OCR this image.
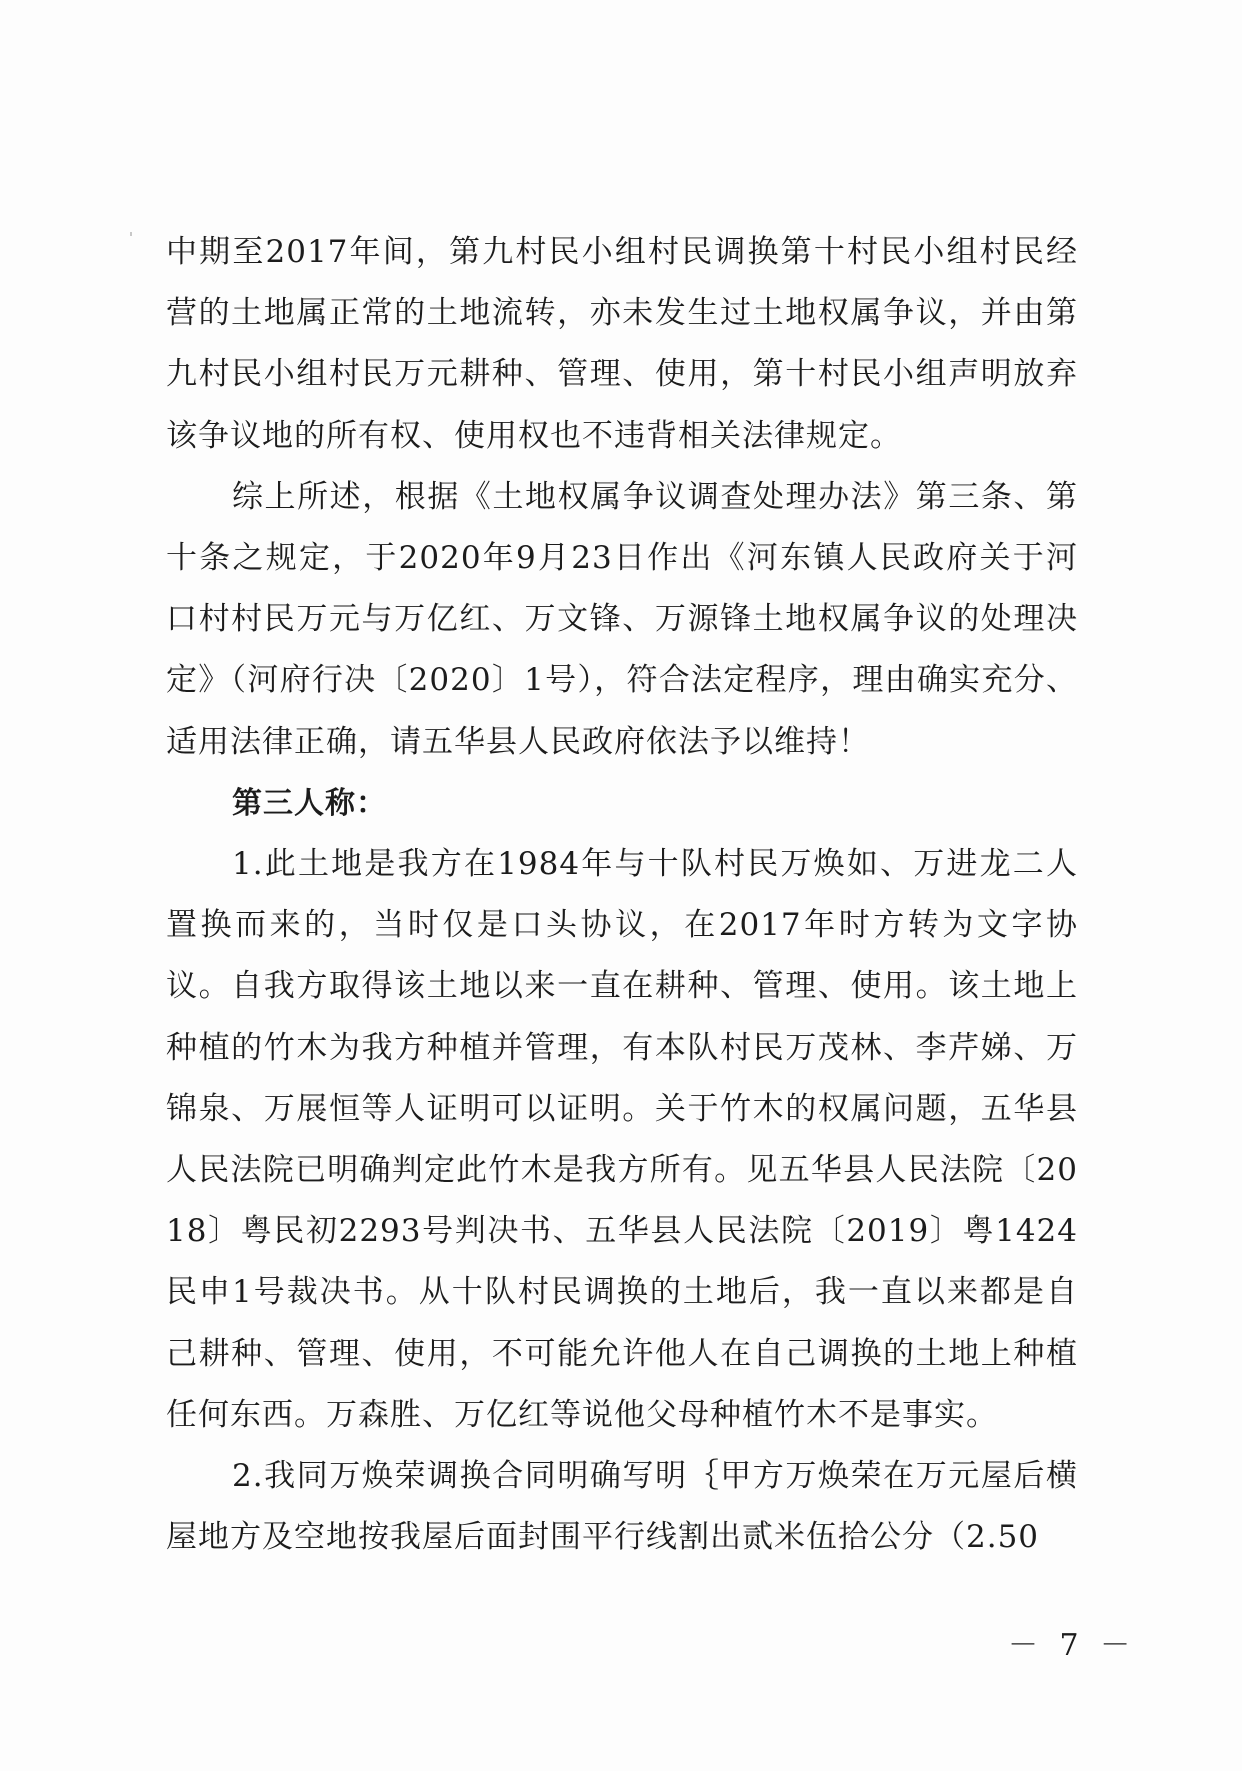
中期至2017年间，第九村民小组村民调换第十村民小组村民经营的土地属正常的土地流转，亦未发生过土地权属争议，并由第九村民小组村民万元耕种、管理、使用，第十村民小组声明放弃该争议地的所有权、使用权也不违背相关法律规定。

综上所述，根据《土地权属争议调查处理办法》第三条、第十条之规定，于2020年9月23日作出《河东镇人民政府关于河口村村民万元与万亿红、万文锋、万源锋土地权属争议的处理决定》（河府行决〔2020〕1号），符合法定程序，理由确实充分、适用法律正确，请五华县人民政府依法予以维持！

第三人称：

1.此土地是我方在1984年与十队村民万焕如、万进龙二人置换而来的，当时仅是口头协议，在2017年时方转为文字协议。自我方取得该土地以来一直在耕种、管理、使用。该土地上种植的竹木为我方种植并管理，有本队村民万茂林、李芹娣、万锦泉、万展恒等人证明可以证明。关于竹木的权属问题，五华县人民法院已明确判定此竹木是我方所有。见五华县人民法院〔2018〕粤民初2293号判决书、五华县人民法院〔2019〕粤1424民申1号裁决书。从十队村民调换的土地后，我一直以来都是自己耕种、管理、使用，不可能允许他人在自己调换的土地上种植任何东西。万森胜、万亿红等说他父母种植竹木不是事实。

2.我同万焕荣调换合同明确写明｛甲方万焕荣在万元屋后横屋地方及空地按我屋后面封围平行线割出贰米伍拾公分（2.50

－ 7 －
